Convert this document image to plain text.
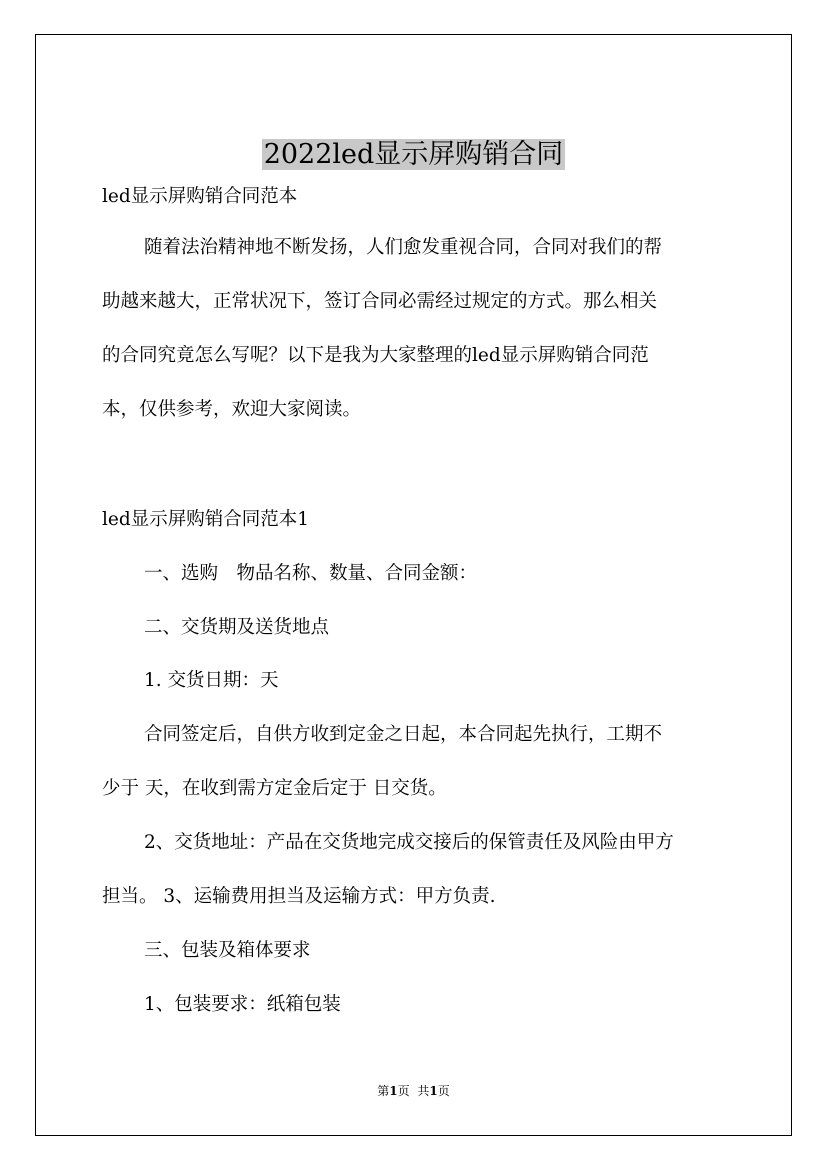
2022led显示屏购销合同

led显示屏购销合同范本

随着法治精神地不断发扬，人们愈发重视合同，合同对我们的帮

助越来越大，正常状况下，签订合同必需经过规定的方式。那么相关

的合同究竟怎么写呢？以下是我为大家整理的led显示屏购销合同范

本，仅供参考，欢迎大家阅读。

led显示屏购销合同范本1

一、选购　物品名称、数量、合同金额：

二、交货期及送货地点

1. 交货日期：天

合同签定后，自供方收到定金之日起，本合同起先执行，工期不

少于 天，在收到需方定金后定于 日交货。

2、交货地址：产品在交货地完成交接后的保管责任及风险由甲方

担当。 3、运输费用担当及运输方式：甲方负责.

三、包装及箱体要求

1、包装要求：纸箱包装

第1页 共1页
